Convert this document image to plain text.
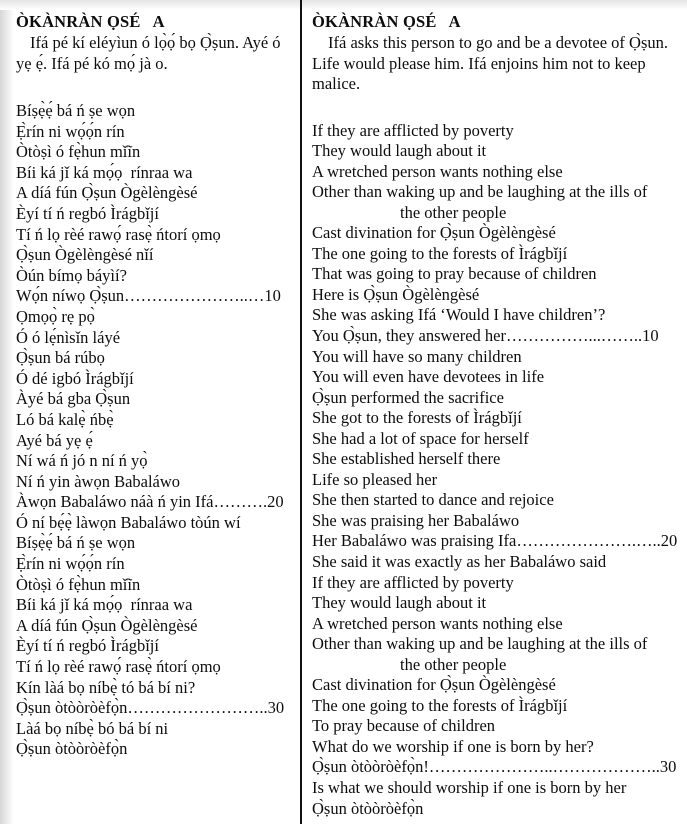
ÒKÀNRÀN ỌSÉ   A

Ifá pé kí eléyìun ó lọ̀ọ́ bọ Ọ̀ṣun. Ayé ó yẹ ẹ́. Ifá pé kó mọ́ jà o.

Bíṣẹ̀ẹ́ bá ń ṣe wọn
Ẹ̀rín ni wọ́ọ́n rín
Òtòṣì ó fẹ̀hun mǐĩn
Bíi ká jǐ ká mọ́ọ  rínraa wa
A díá fún Ọ̀ṣun Ògèlèngèsé
Èyí tí ń regbó Ìrágbǐjí
Tí ń lọ rèé rawọ́ rasẹ̀ ńtorí ọmọ
Ọ̀ṣun Ògèlèngèsé nǐí
Òún bímọ báyìí?
Wọ́n níwọ Ọ̀ṣun…………………..…10
Ọmọọ̀ rẹ pọ̀
Ó ó lẹ́nìsǐn láyé
Ọ̀ṣun bá rúbọ
Ó dé igbó Ìrágbǐjí
Àyé bá gba Ọ̀ṣun
Ló bá kalẹ̀ ńbẹ̀
Ayé bá yẹ ẹ́
Ní wá ń jó n ní ń yọ̀
Ní ń yin àwọn Babaláwo
Àwọn Babaláwo náà ń yin Ifá……….20
Ó ní bẹ́ẹ̀ làwọn Babaláwo tòún wí
Bíṣẹ̀ẹ́ bá ń ṣe wọn
Ẹ̀rín ni wọ́ọ́n rín
Òtòṣì ó fẹ̀hun mǐĩn
Bíi ká jǐ ká mọ́ọ  rínraa wa
A díá fún Ọ̀ṣun Ògèlèngèsé
Èyí tí ń regbó Ìrágbǐjí
Tí ń lọ rèé rawọ́ rasẹ̀ ńtorí ọmọ
Kín làá bọ níbẹ̀ tó bá bí ni?
Ọ̀ṣun òtòòròèfọ̀n……………………..30
Làá bọ níbẹ̀ bó bá bí ni
Ọ̀ṣun òtòòròèfọ̀n
ÒKÀNRÀN ỌSÉ   A

Ifá asks this person to go and be a devotee of Ọ̀ṣun. Life would please him. Ifá enjoins him not to keep malice.

If they are afflicted by poverty
They would laugh about it
A wretched person wants nothing else
Other than waking up and be laughing at the ills of
the other people
Cast divination for Ọ̀ṣun Ògèlèngèsé
The one going to the forests of Ìrágbǐjí
That was going to pray because of children
Here is Ọ̀ṣun Ògèlèngèsé
She was asking Ifá ‘Would I have children’?
You Ọ̀ṣun, they answered her……………...……..10
You will have so many children
You will even have devotees in life
Ọ̀ṣun performed the sacrifice
She got to the forests of Ìrágbǐjí
She had a lot of space for herself
She established herself there
Life so pleased her
She then started to dance and rejoice
She was praising her Babaláwo
Her Babaláwo was praising Ifa………………….…..20
She said it was exactly as her Babaláwo said
If they are afflicted by poverty
They would laugh about it
A wretched person wants nothing else
Other than waking up and be laughing at the ills of
the other people
Cast divination for Ọ̀ṣun Ògèlèngèsé
The one going to the forests of Ìrágbǐjí
To pray because of children
What do we worship if one is born by her?
Ọ̀ṣun òtòòròèfọ̀n!…………………..………………..30
Is what we should worship if one is born by her
Ọ̀ṣun òtòòròèfọ̀n
